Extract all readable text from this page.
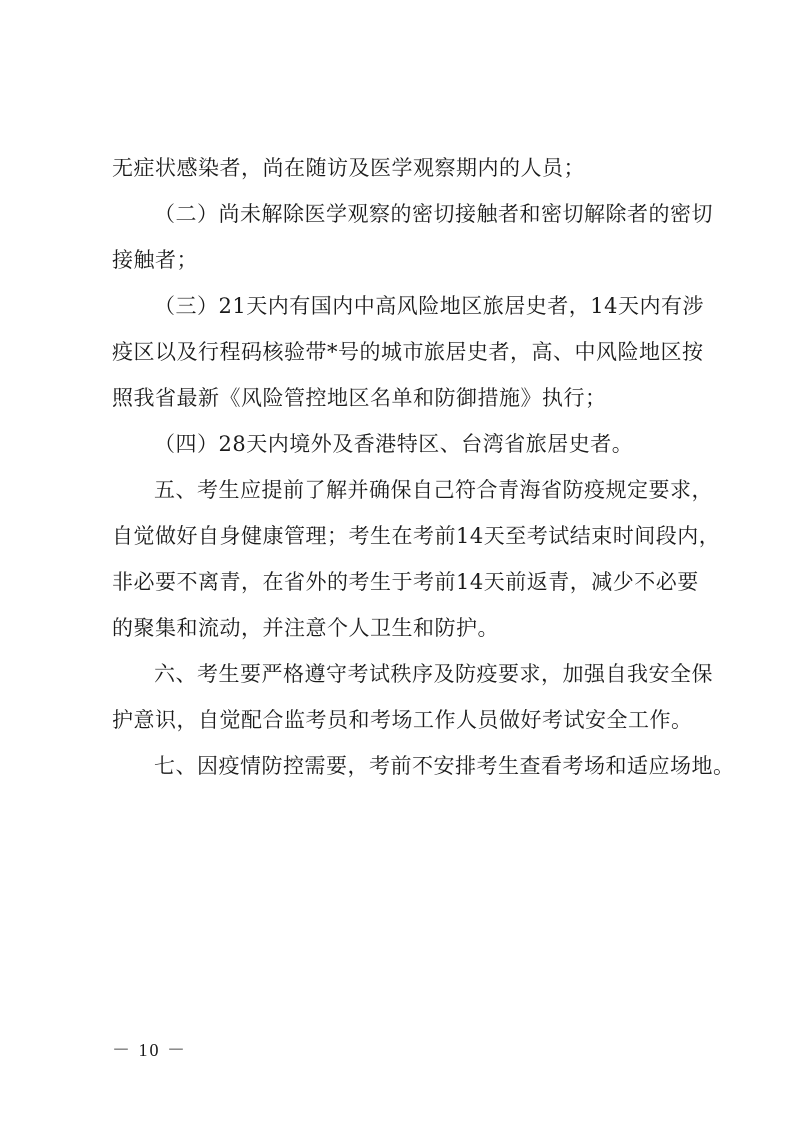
无症状感染者，尚在随访及医学观察期内的人员；
（二）尚未解除医学观察的密切接触者和密切解除者的密切
接触者；
（三）21天内有国内中高风险地区旅居史者，14天内有涉
疫区以及行程码核验带*号的城市旅居史者，高、中风险地区按
照我省最新《风险管控地区名单和防御措施》执行；
（四）28天内境外及香港特区、台湾省旅居史者。
五、考生应提前了解并确保自己符合青海省防疫规定要求，
自觉做好自身健康管理；考生在考前14天至考试结束时间段内，
非必要不离青，在省外的考生于考前14天前返青，减少不必要
的聚集和流动，并注意个人卫生和防护。
六、考生要严格遵守考试秩序及防疫要求，加强自我安全保
护意识，自觉配合监考员和考场工作人员做好考试安全工作。
七、因疫情防控需要，考前不安排考生查看考场和适应场地。
－ 10 －
